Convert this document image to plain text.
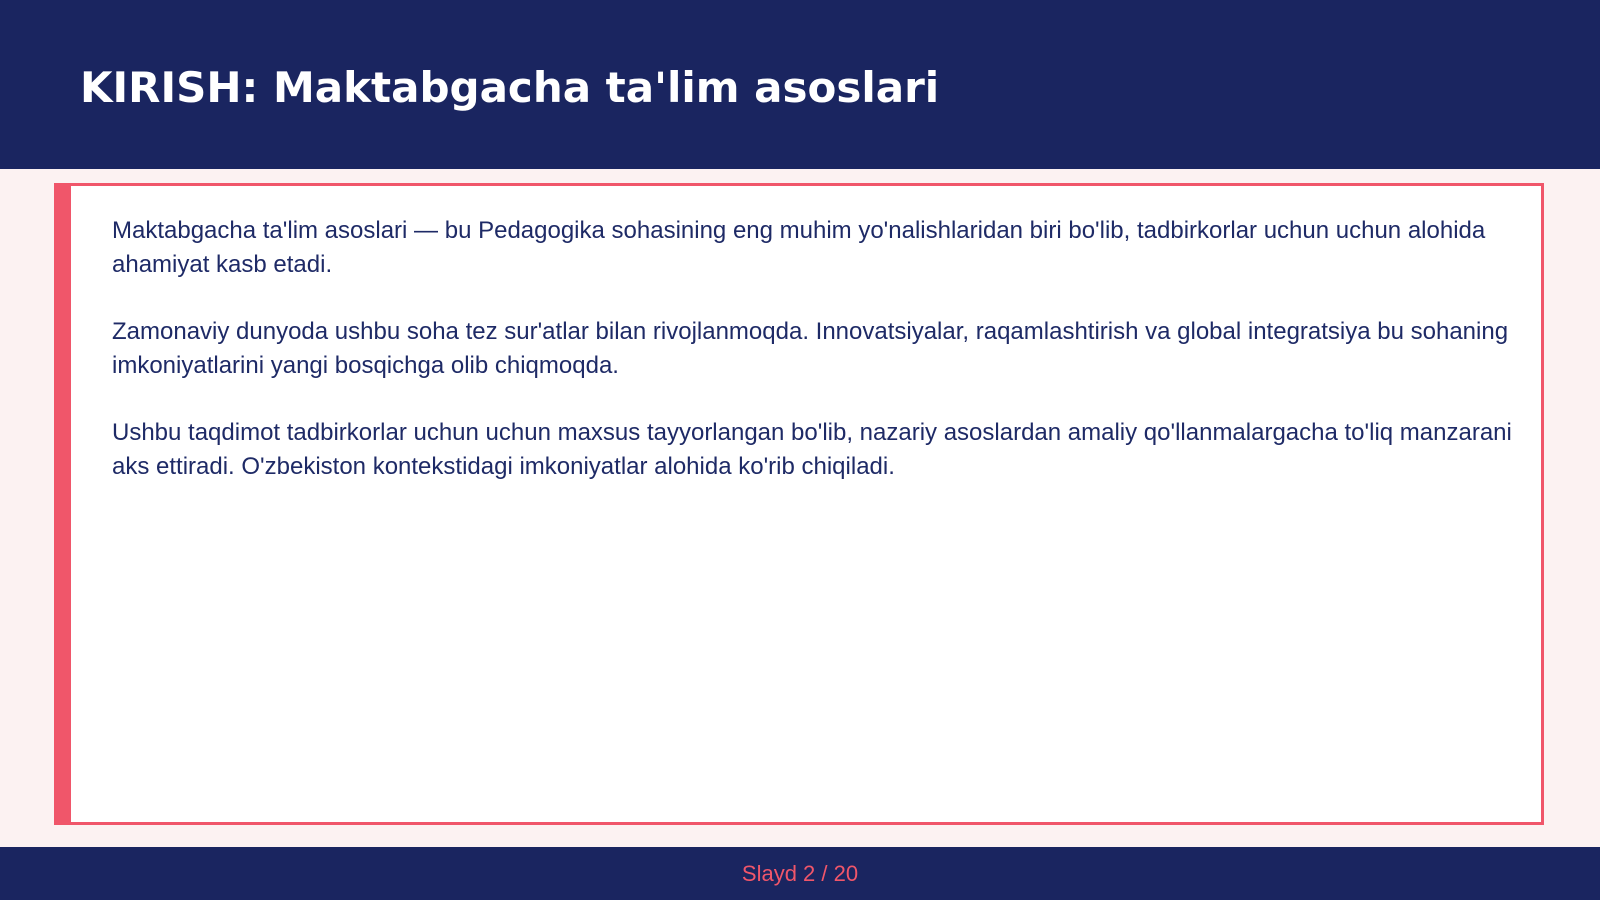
KIRISH: Maktabgacha ta'lim asoslari

Maktabgacha ta'lim asoslari — bu Pedagogika sohasining eng muhim yo'nalishlaridan biri bo'lib, tadbirkorlar uchun uchun alohida ahamiyat kasb etadi.

Zamonaviy dunyoda ushbu soha tez sur'atlar bilan rivojlanmoqda. Innovatsiyalar, raqamlashtirish va global integratsiya bu sohaning imkoniyatlarini yangi bosqichga olib chiqmoqda.

Ushbu taqdimot tadbirkorlar uchun uchun maxsus tayyorlangan bo'lib, nazariy asoslardan amaliy qo'llanmalargacha to'liq manzarani aks ettiradi. O'zbekiston kontekstidagi imkoniyatlar alohida ko'rib chiqiladi.

Slayd 2 / 20
